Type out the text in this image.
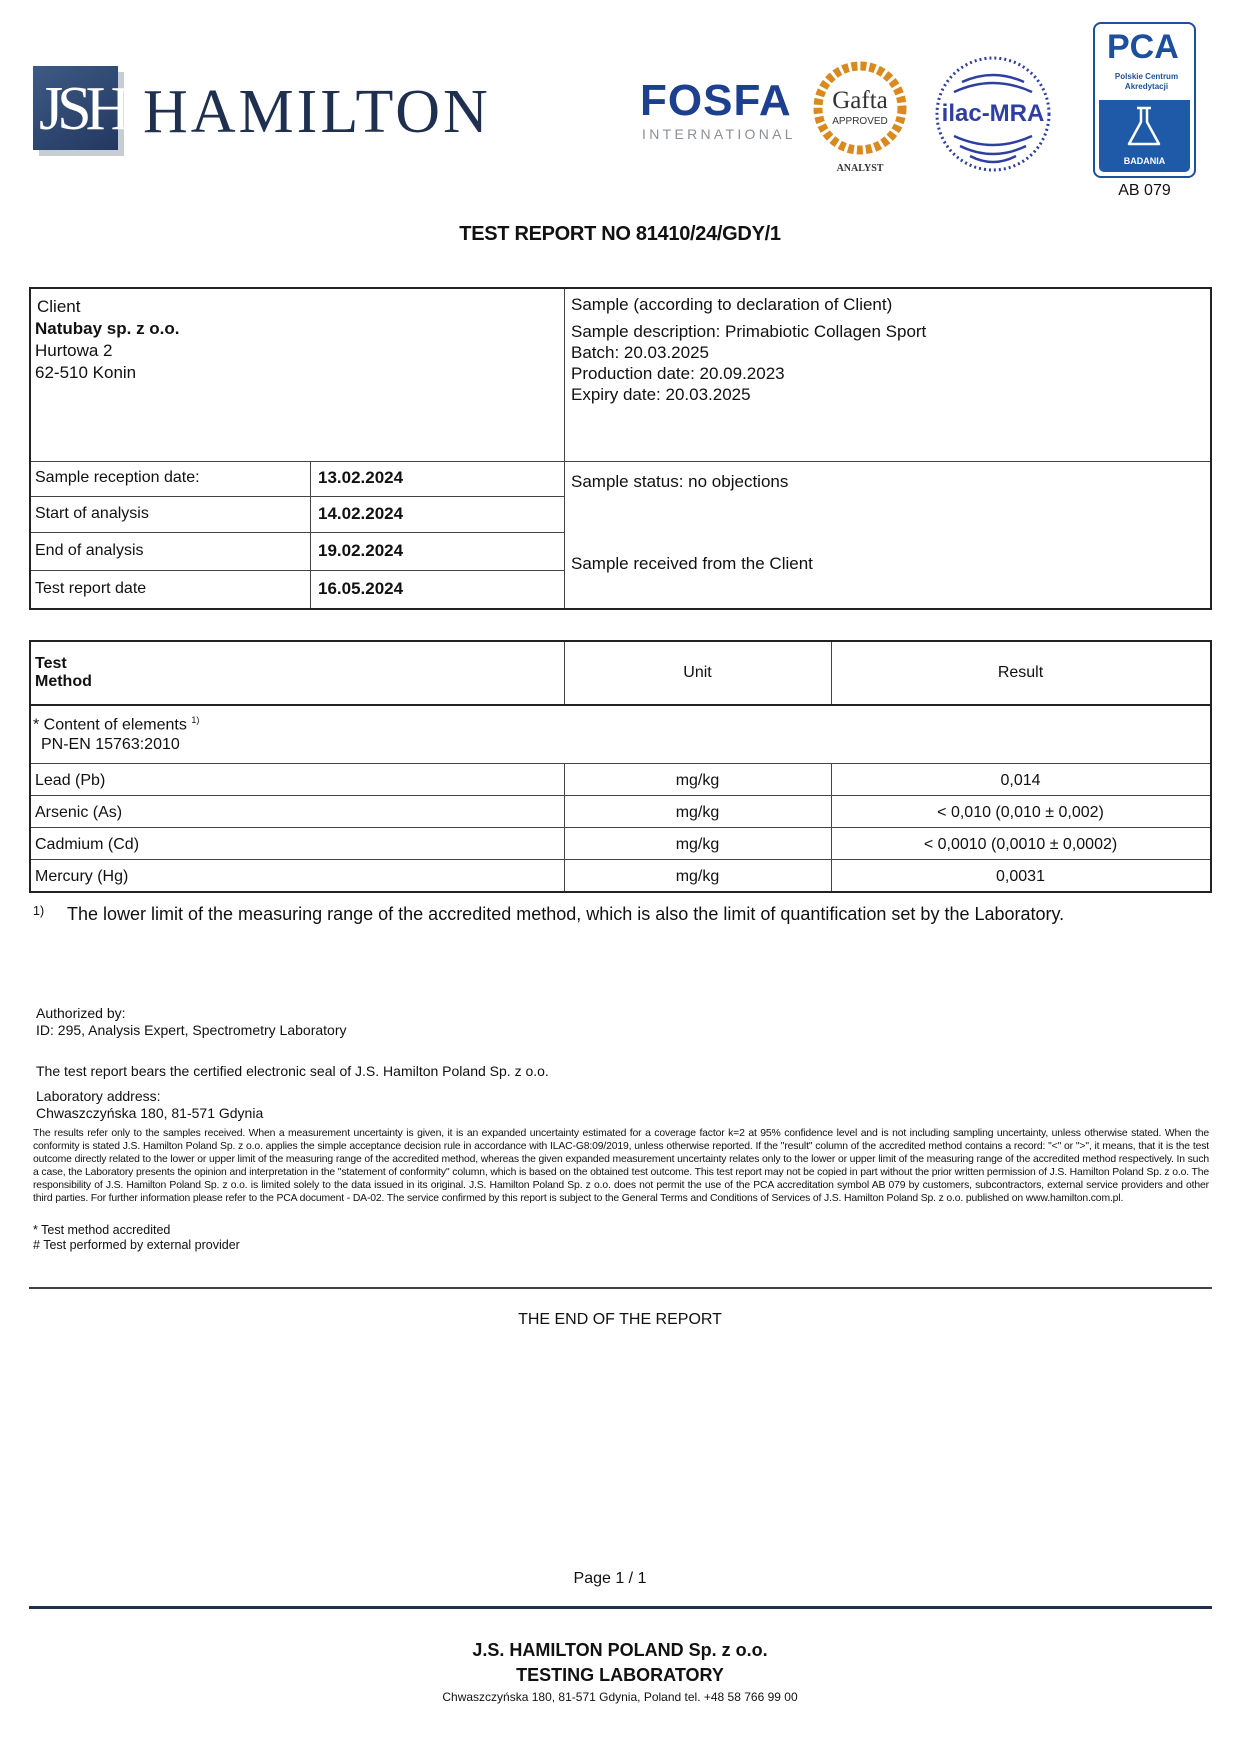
JSH HAMILTON	FOSFA
INTERNATIONAL
Gafta
APPROVED
ANALYST
ilac-MRA
PCA
Polskie Centrum
Akredytacji
BADANIA
AB 079
TEST REPORT NO 81410/24/GDY/1
Client
Natubay sp. z o.o.
Hurtowa 2
62-510 Konin
Sample (according to declaration of Client)
Sample description: Primabiotic Collagen Sport
Batch: 20.03.2025
Production date: 20.09.2023
Expiry date: 20.03.2025
Sample status: no objections
Sample received from the Client
Sample reception date:	13.02.2024
Start of analysis	14.02.2024
End of analysis	19.02.2024
Test report date	16.05.2024
Test
Method
Unit	Result
* Content of elements $^{1)}$
PN-EN 15763:2010
Lead (Pb)	mg/kg	0,014
Arsenic (As)	mg/kg	< 0,010 (0,010 ± 0,002)
Cadmium (Cd)	mg/kg	< 0,0010 (0,0010 ± 0,0002)
Mercury (Hg)	mg/kg	0,0031
1) The lower limit of the measuring range of the accredited method, which is also the limit of quantification set by the Laboratory.
Authorized by:
ID: 295, Analysis Expert, Spectrometry Laboratory
The test report bears the certified electronic seal of J.S. Hamilton Poland Sp. z o.o.
Laboratory address:
Chwaszczyńska 180, 81-571 Gdynia
The results refer only to the samples received. When a measurement uncertainty is given, it is an expanded uncertainty estimated for a coverage factor k=2 at 95% confidence level and is not including sampling uncertainty, unless otherwise stated. When the conformity is stated J.S. Hamilton Poland Sp. z o.o. applies the simple acceptance decision rule in accordance with ILAC-G8:09/2019, unless otherwise reported. If the "result" column of the accredited method contains a record: "<" or ">", it means, that it is the test outcome directly related to the lower or upper limit of the measuring range of the accredited method, whereas the given expanded measurement uncertainty relates only to the lower or upper limit of the measuring range of the accredited method respectively. In such a case, the Laboratory presents the opinion and interpretation in the "statement of conformity" column, which is based on the obtained test outcome. This test report may not be copied in part without the prior written permission of J.S. Hamilton Poland Sp. z o.o. The responsibility of J.S. Hamilton Poland Sp. z o.o. is limited solely to the data issued in its original. J.S. Hamilton Poland Sp. z o.o. does not permit the use of the PCA accreditation symbol AB 079 by customers, subcontractors, external service providers and other third parties. For further information please refer to the PCA document - DA-02. The service confirmed by this report is subject to the General Terms and Conditions of Services of J.S. Hamilton Poland Sp. z o.o. published on www.hamilton.com.pl.
* Test method accredited
# Test performed by external provider
THE END OF THE REPORT
Page 1 / 1
J.S. HAMILTON POLAND Sp. z o.o.
TESTING LABORATORY
Chwaszczyńska 180, 81-571 Gdynia, Poland tel. +48 58 766 99 00
